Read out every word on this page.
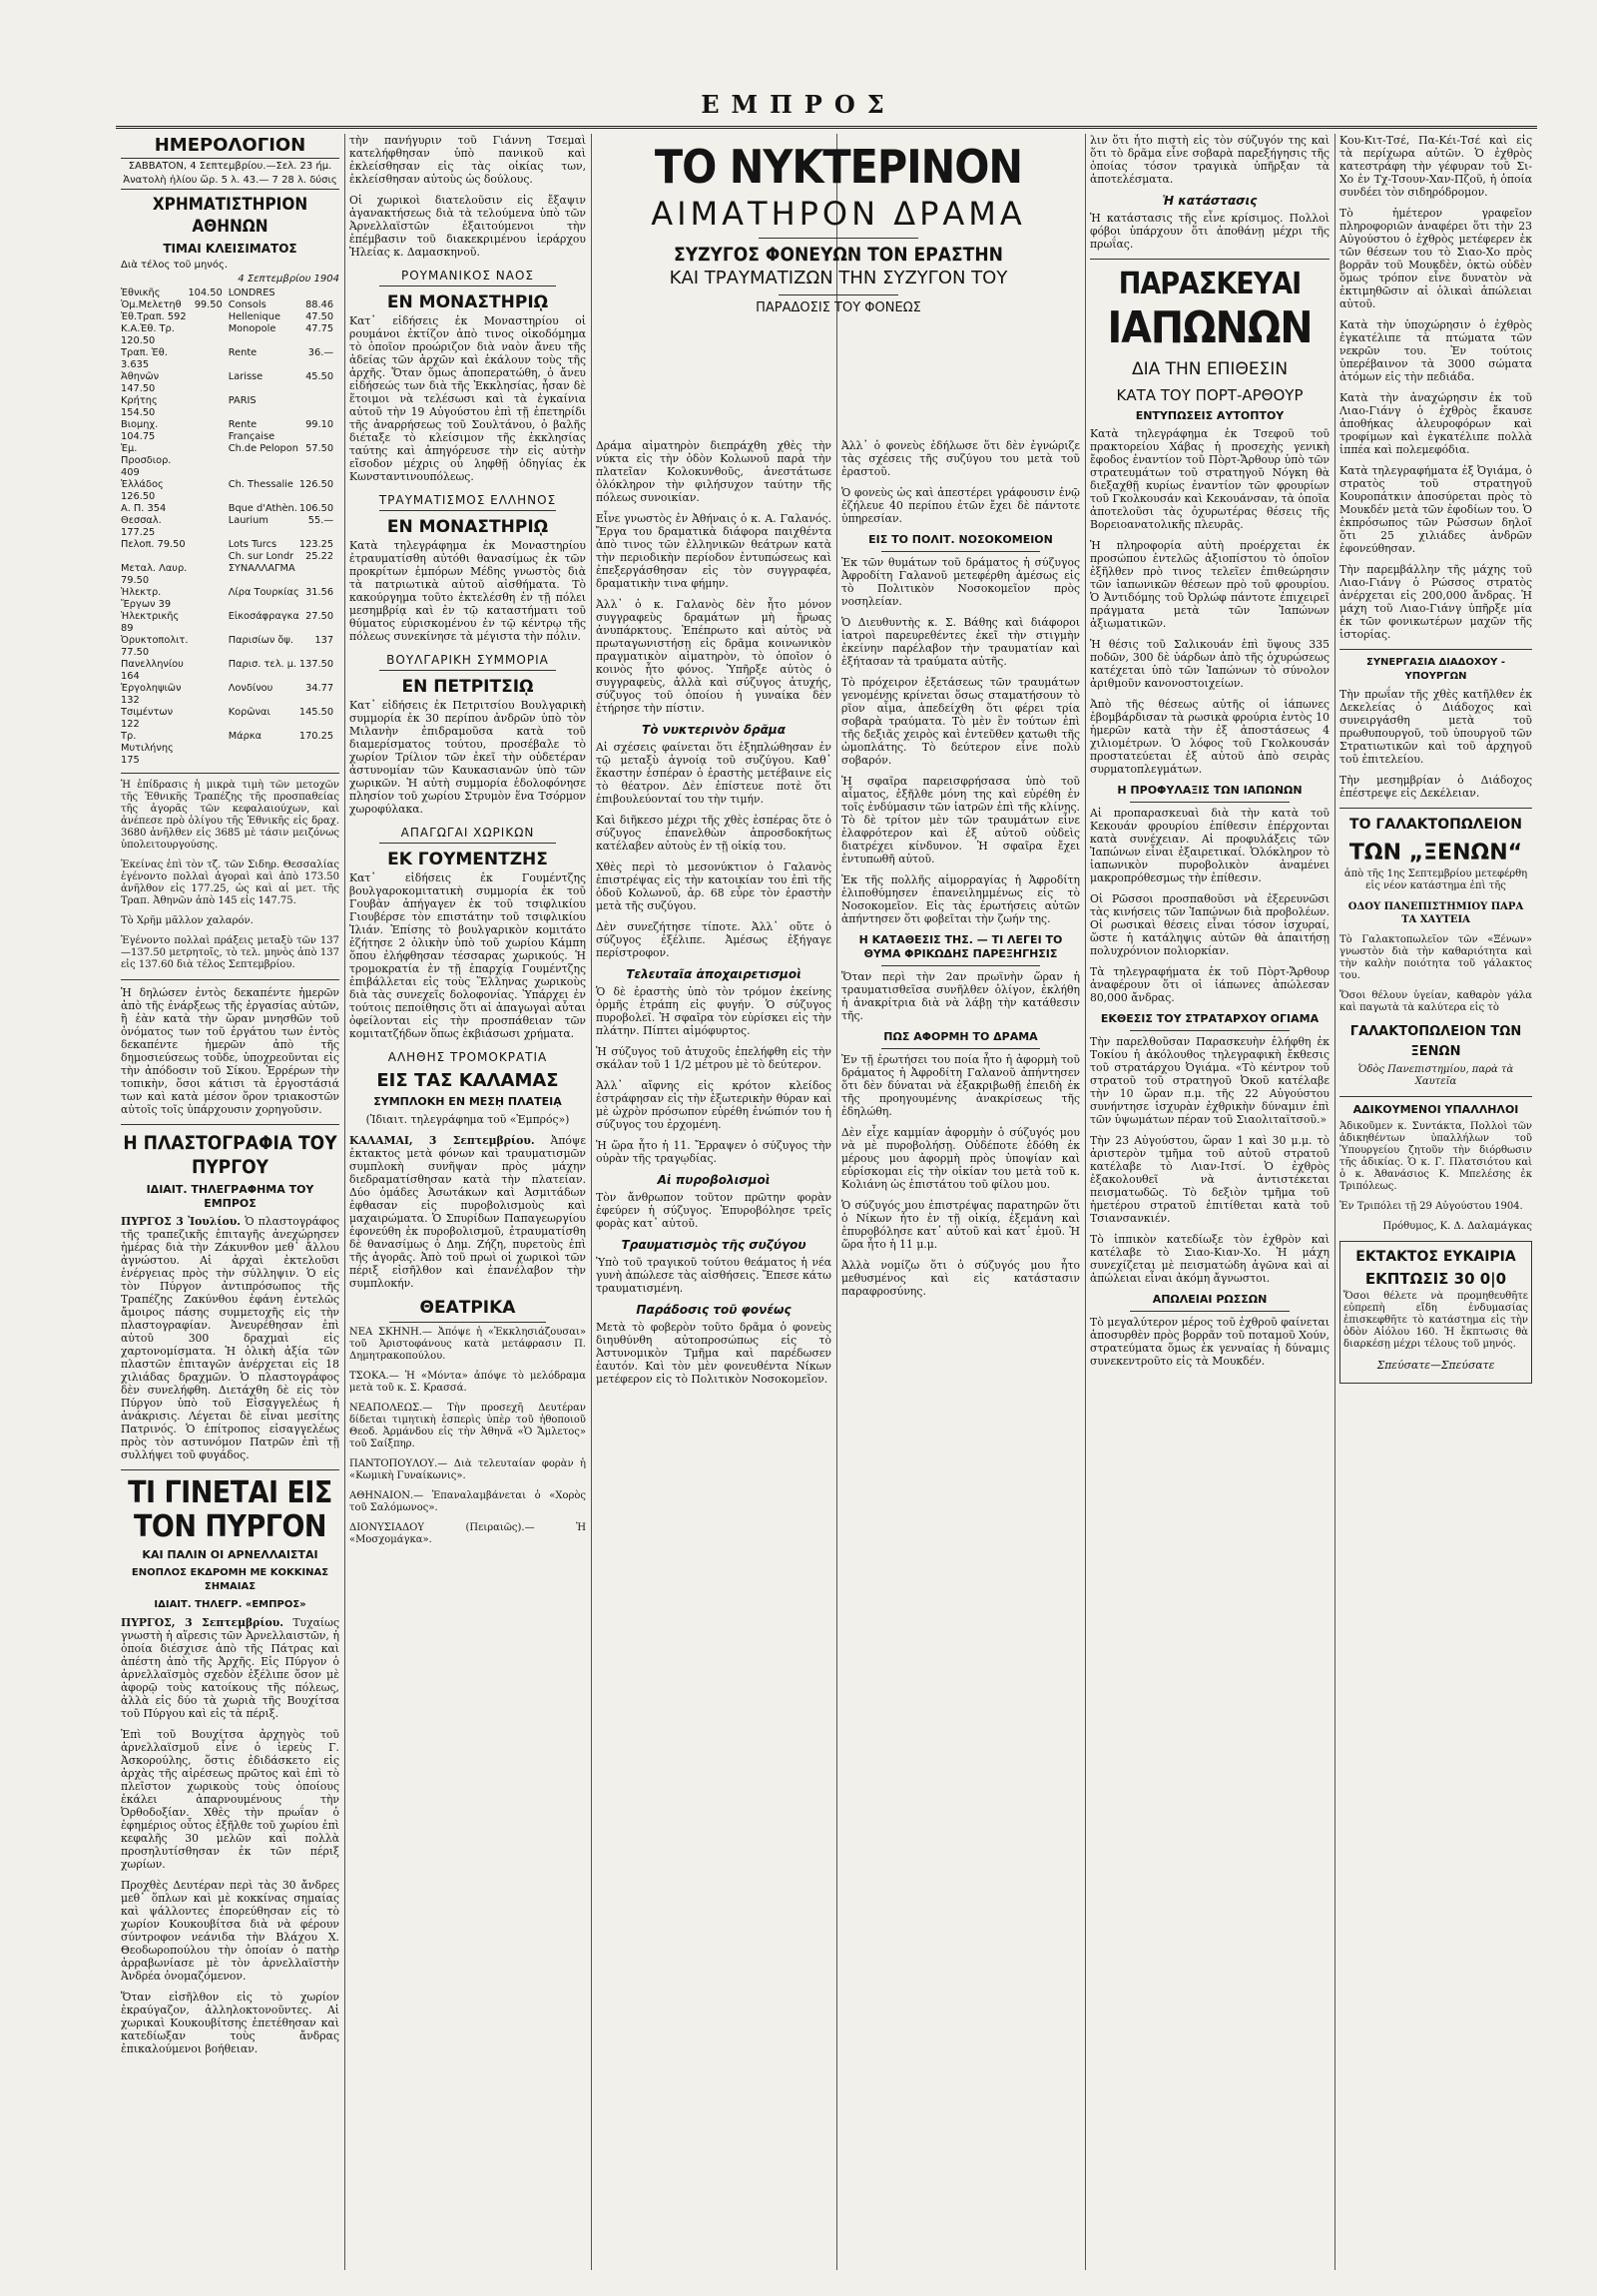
ΕΜΠΡΟΣ
ΗΜΕΡΟΛΟΓΙΟΝ
ΣΑΒΒΑΤΟΝ, 4 Σεπτεμβρίου.—Σελ. 23 ήμ.
Ἀνατολὴ ἡλίου ὥρ. 5 λ. 43.— 7 28 λ. δύσις
ΧΡΗΜΑΤΙΣΤΗΡΙΟΝ ΑΘΗΝΩΝ
ΤΙΜΑΙ ΚΛΕΙΣΙΜΑΤΟΣ
Διὰ τέλος τοῦ μηνός.
4 Σεπτεμβρίου 1904
Ἐθνικῆς	104.50	LONDRES	
Ὁμ.Μελετηθ	99.50	Consols	88.46
Ἐθ.Τραπ. 592		Hellenique	47.50
Κ.Α.Ἐθ. Τρ. 120.50		Monopole	47.75
Τραπ. Ἐθ. 3.635		Rente	36.—
Ἀθηνῶν 147.50		Larisse	45.50
Κρήτης 154.50		PARIS	
Βιομηχ. 104.75		Rente Française	99.10
Ἐμ. Προσδιορ. 409		Ch.de Pelopon	57.50
Ἑλλάδος 126.50		Ch. Thessalie	126.50
Α. Π. 354		Bque d'Athèn.	106.50
Θεσσαλ. 177.25		Laurium	55.—
Πελοπ. 79.50		Lots Turcs	123.25
		Ch. sur Londr	25.22
Μεταλ. Λαυρ. 79.50		ΣΥΝΑΛΛΑΓΜΑ	
Ἠλεκτρ. Ἔργων 39		Λίρα Τουρκίας	31.56
Ἠλεκτρικῆς 89		Εἰκοσάφραγκα	27.50
Ὀρυκτοπολιτ. 77.50		Παρισίων ὄψ.	137
Πανελληνίου 164		Παρισ. τελ. μ.	137.50
Ἐργοληψιῶν 132		Λονδίνου	34.77
Τσιμέντων 122		Κορῶναι	145.50
Τρ. Μυτιλήνης 175		Μάρκα	170.25

Ἡ ἐπίδρασις ἡ μικρὰ τιμὴ τῶν μετοχῶν τῆς Ἐθνικῆς Τραπέζης τῆς προσπαθείας τῆς ἀγορᾶς τῶν κεφαλαιούχων, καὶ ἀνέπεσε πρὸ ὀλίγου τῆς Ἐθνικῆς εἰς δραχ. 3680 ἀνῆλθεν εἰς 3685 μὲ τάσιν μειζόνως ὑπολειτουργούσης.

Ἐκείνας ἐπὶ τὸν τζ. τῶν Σιδηρ. Θεσσαλίας ἐγένοντο πολλαὶ ἀγοραὶ καὶ ἀπὸ 173.50 ἀνῆλθον εἰς 177.25, ὡς καὶ αἱ μετ. τῆς Τραπ. Ἀθηνῶν ἀπὸ 145 εἰς 147.75.

Τὸ Χρῆμ μᾶλλον χαλαρόν.

Ἐγένοντο πολλαὶ πράξεις μεταξὺ τῶν 137—137.50 μετρητοῖς, τὸ τελ. μηνὸς ἀπὸ 137 εἰς 137.60 διὰ τέλος Σεπτεμβρίου.

Ἡ δηλώσεν ἐντὸς δεκαπέντε ἡμερῶν ἀπὸ τῆς ἐνάρξεως τῆς ἐργασίας αὐτῶν, ἢ ἐὰν κατὰ τὴν ὥραν μνησθῶν τοῦ ὀνόματος των τοῦ ἐργάτου των ἐντὸς δεκαπέντε ἡμερῶν ἀπὸ τῆς δημοσιεύσεως τοῦδε, ὑποχρεοῦνται εἰς τὴν ἀπόδοσιν τοῦ Σίκου. Ἐρρέρων τὴν τοπικὴν, ὅσοι κάτισι τὰ ἐργοστάσιά των καὶ κατὰ μέσον ὅρον τριακοστῶν αὐτοῖς τοῖς ὑπάρχουσιν χορηγοῦσιν.

Η ΠΛΑΣΤΟΓΡΑΦΙΑ ΤΟΥ ΠΥΡΓΟΥ
ΙΔΙΑΙΤ. ΤΗΛΕΓΡΑΦΗΜΑ ΤΟΥ ΕΜΠΡΟΣ

ΠΥΡΓΟΣ 3 Ἰουλίου. Ὁ πλαστογράφος τῆς τραπεζικῆς ἐπιταγῆς ἀνεχώρησεν ἡμέρας διὰ τὴν Ζάκυνθον μεθ᾽ ἄλλου ἀγνώστου. Αἱ ἀρχαὶ ἐκτελοῦσι ἐνέργειας πρὸς τὴν σύλληψιν. Ὁ εἰς τὸν Πύργον ἀντιπρόσωπος τῆς Τραπέζης Ζακύνθου ἐφάνη ἐντελῶς ἄμοιρος πάσης συμμετοχῆς εἰς τὴν πλαστογραφίαν. Ἀνευρέθησαν ἐπὶ αὐτοῦ 300 δραχμαὶ εἰς χαρτονομίσματα. Ἡ ὁλικὴ ἀξία τῶν πλαστῶν ἐπιταγῶν ἀνέρχεται εἰς 18 χιλιάδας δραχμῶν. Ὁ πλαστογράφος δὲν συνελήφθη. Διετάχθη δὲ εἰς τὸν Πύργον ὑπὸ τοῦ Εἰσαγγελέως ἡ ἀνάκρισις. Λέγεται δὲ εἶναι μεσίτης Πατρινός. Ὁ ἐπίτροπος εἰσαγγελέως πρὸς τὸν αστυνόμον Πατρῶν ἐπὶ τῇ συλλήψει τοῦ φυγάδος.

ΤΙ ΓΙΝΕΤΑΙ ΕΙΣ ΤΟΝ ΠΥΡΓΟΝ
ΚΑΙ ΠΑΛΙΝ ΟΙ ΑΡΝΕΛΛΑΙΣΤΑΙ
ΕΝΟΠΛΟΣ ΕΚΔΡΟΜΗ ΜΕ ΚΟΚΚΙΝΑΣ ΣΗΜΑΙΑΣ
ΙΔΙΑΙΤ. ΤΗΛΕΓΡ. «ΕΜΠΡΟΣ»

ΠΥΡΓΟΣ, 3 Σεπτεμβρίου. Τυχαίως γνωστὴ ἡ αἵρεσις τῶν Ἀρνελλαιστῶν, ἡ ὁποία διέσχισε ἀπὸ τῆς Πάτρας καὶ ἀπέστη ἀπὸ τῆς Ἀρχῆς. Εἰς Πύργον ὁ ἀρνελλαϊσμὸς σχεδὸν ἐξέλιπε ὅσον μὲ ἀφορῷ τοὺς κατοίκους τῆς πόλεως, ἀλλὰ εἰς δύο τὰ χωριὰ τῆς Βουχίτσα τοῦ Πύργου καὶ εἰς τὰ πέριξ.

Ἐπὶ τοῦ Βουχίτσα ἀρχηγὸς τοῦ ἀρνελλαϊσμοῦ εἶνε ὁ ἱερεὺς Γ. Ἀσκορούλης, ὅστις ἐδιδάσκετο εἰς ἀρχὰς τῆς αἱρέσεως πρῶτος καὶ ἐπὶ τὸ πλεῖστον χωρικοὺς τοὺς ὁποίους ἐκάλει ἀπαρνουμένους τὴν Ὀρθοδοξίαν. Χθὲς τὴν πρωΐαν ὁ ἐφημέριος οὗτος ἐξῆλθε τοῦ χωρίου ἐπὶ κεφαλῆς 30 μελῶν καὶ πολλὰ προσηλυτίσθησαν ἐκ τῶν πέριξ χωρίων.

Προχθὲς Δευτέραν περὶ τὰς 30 ἄνδρες μεθ᾽ ὅπλων καὶ μὲ κοκκίνας σημαίας καὶ ψάλλοντες ἐπορεύθησαν εἰς τὸ χωρίον Κουκουβίτσα διὰ νὰ φέρουν σύντροφον νεάνιδα τὴν Βλάχου Χ. Θεοδωροπούλου τὴν ὁποίαν ὁ πατὴρ ἀρραβωνίασε μὲ τὸν ἀρνελλαϊστὴν Ἀνδρέα ὀνομαζόμενον.

Ὅταν εἰσῆλθον εἰς τὸ χωρίον ἐκραύγαζον, ἀλληλοκτονοῦντες. Αἱ χωρικαὶ Κουκουβίτσης ἐπετέθησαν καὶ κατεδίωξαν τοὺς ἄνδρας ἐπικαλούμενοι βοήθειαν.

τὴν πανήγυριν τοῦ Γιάννη Τσεμαὶ κατελήφθησαν ὑπὸ πανικοῦ καὶ ἐκλείσθησαν εἰς τὰς οἰκίας των, ἐκλείσθησαν αὐτοὺς ὡς δούλους.

Οἱ χωρικοὶ διατελοῦσιν εἰς ἔξαψιν ἀγανακτήσεως διὰ τὰ τελούμενα ὑπὸ τῶν Ἀρνελλαϊστῶν ἐξαιτούμενοι τὴν ἐπέμβασιν τοῦ διακεκριμένου ἱεράρχου Ἠλείας κ. Δαμασκηνοῦ.

ΡΟΥΜΑΝΙΚΟΣ ΝΑΟΣ
ΕΝ ΜΟΝΑΣΤΗΡΙῼ

Κατ᾽ εἰδήσεις ἐκ Μοναστηρίου οἱ ρουμάνοι ἐκτίζον ἀπὸ τινος οἰκοδόμημα τὸ ὁποῖον προώριζον διὰ ναὸν ἄνευ τῆς ἀδείας τῶν ἀρχῶν καὶ ἐκάλουν τοὺς τῆς ἀρχῆς. Ὅταν ὅμως ἀποπερατώθη, ὁ ἄνευ εἰδήσεώς των διὰ τῆς Ἐκκλησίας, ἦσαν δὲ ἕτοιμοι νὰ τελέσωσι καὶ τὰ ἐγκαίνια αὐτοῦ τὴν 19 Αὐγούστου ἐπὶ τῇ ἐπετηρίδι τῆς ἀναρρήσεως τοῦ Σουλτάνου, ὁ βαλῆς διέταξε τὸ κλείσιμον τῆς ἐκκλησίας ταύτης καὶ ἀπηγόρευσε τὴν εἰς αὐτὴν εἴσοδον μέχρις οὗ ληφθῇ ὁδηγίας ἐκ Κωνσταντινουπόλεως.

ΤΡΑΥΜΑΤΙΣΜΟΣ ΕΛΛΗΝΟΣ
ΕΝ ΜΟΝΑΣΤΗΡΙῼ

Κατὰ τηλεγράφημα ἐκ Μοναστηρίου ἐτραυματίσθη αὐτόθι θανασίμως ἐκ τῶν προκρίτων ἐμπόρων Μέδης γνωστὸς διὰ τὰ πατριωτικὰ αὐτοῦ αἰσθήματα. Τὸ κακούργημα τοῦτο ἐκτελέσθη ἐν τῇ πόλει μεσημβρίᾳ καὶ ἐν τῷ καταστήματι τοῦ θύματος εὑρισκομένου ἐν τῷ κέντρῳ τῆς πόλεως συνεκίνησε τὰ μέγιστα τὴν πόλιν.

ΒΟΥΛΓΑΡΙΚΗ ΣΥΜΜΟΡΙΑ
ΕΝ ΠΕΤΡΙΤΣΙῼ

Κατ᾽ εἰδήσεις ἐκ Πετριτσίου Βουλγαρικὴ συμμορία ἐκ 30 περίπου ἀνδρῶν ὑπὸ τὸν Μιλανὴν ἐπιδραμοῦσα κατὰ τοῦ διαμερίσματος τούτου, προσέβαλε τὸ χωρίον Τρίλιον τῶν ἐκεῖ τὴν οὐδετέραν ἀστυνομίαν τῶν Καυκασιανῶν ὑπὸ τῶν χωρικῶν. Ἡ αὐτὴ συμμορία ἐδολοφόνησε πλησίον τοῦ χωρίου Στρυμὸν ἕνα Τσόρμον χωροφύλακα.

ΑΠΑΓΩΓΑΙ ΧΩΡΙΚΩΝ
ΕΚ ΓΟΥΜΕΝΤΖΗΣ

Κατ᾽ εἰδήσεις ἐκ Γουμέντζης βουλγαροκομιτατικὴ συμμορία ἐκ τοῦ Γουβὰν ἀπήγαγεν ἐκ τοῦ τσιφλικίου Γιουβέρσε τὸν επιστάτην τοῦ τσιφλικίου Ἰλιάν. Ἐπίσης τὸ βουλγαρικὸν κομιτάτο ἐζήτησε 2 ὁλικὴν ὑπὸ τοῦ χωρίου Κάμπη ὅπου ἐλήφθησαν τέσσαρας χωρικούς. Ἡ τρομοκρατία ἐν τῇ ἐπαρχίᾳ Γουμέντζης ἐπιβάλλεται εἰς τοὺς Ἕλληνας χωρικοὺς διὰ τὰς συνεχεῖς δολοφονίας. Ὑπάρχει ἐν τούτοις πεποίθησις ὅτι αἱ ἀπαγωγαὶ αὗται ὀφείλονται εἰς τὴν προσπάθειαν τῶν κομιτατζήδων ὅπως ἐκβιάσωσι χρήματα.

ΑΛΗΘΗΣ ΤΡΟΜΟΚΡΑΤΙΑ
ΕΙΣ ΤΑΣ ΚΑΛΑΜΑΣ
ΣΥΜΠΛΟΚΗ ΕΝ ΜΕΣῌ ΠΛΑΤΕΙᾼ

(Ἰδιαιτ. τηλεγράφημα τοῦ «Ἐμπρός»)

ΚΑΛΑΜΑΙ, 3 Σεπτεμβρίου. Ἀπόψε ἐκτακτος μετὰ φόνων καὶ τραυματισμῶν συμπλοκὴ συνῆψαν πρὸς μάχην διεδραματίσθησαν κατὰ τὴν πλατείαν. Δύο ὁμάδες Ἀσωτάκων καὶ Ἀσμιτάδων ἐφθασαν εἰς πυροβολισμοὺς καὶ μαχαιρώματα. Ὁ Σπυρίδων Παπαγεωργίου ἐφονεύθη ἐκ πυροβολισμοῦ, ἐτραυματίσθη δὲ θανασίμως ὁ Δημ. Ζήζη, πυρετοὺς ἐπὶ τῆς ἀγορᾶς. Ἀπὸ τοῦ πρωὶ οἱ χωρικοὶ τῶν πέριξ εἰσῆλθον καὶ ἐπανέλαβον τὴν συμπλοκήν.

ΘΕΑΤΡΙΚΑ

ΝΕΑ ΣΚΗΝΗ.— Ἀπόψε ἡ «Ἐκκλησιάζουσαι» τοῦ Ἀριστοφάνους κατὰ μετάφρασιν Π. Δημητρακοπούλου.

ΤΣΟΚΑ.— Ἡ «Μόντα» ἀπόψε τὸ μελόδραμα μετὰ τοῦ κ. Σ. Κρασσά.

ΝΕΑΠΟΛΕΩΣ.— Τὴν προσεχῆ Δευτέραν δίδεται τιμητικὴ ἑσπερὶς ὑπὲρ τοῦ ἠθοποιοῦ Θεοδ. Ἀρμάνδου εἰς τὴν Ἀθηνᾶ «Ὁ Ἄμλετος» τοῦ Σαίξπηρ.

ΠΑΝΤΟΠΟΥΛΟΥ.— Διὰ τελευταίαν φορὰν ἡ «Κωμικὴ Γυναίκωνις».

ΑΘΗΝΑΙΟΝ.— Ἐπαναλαμβάνεται ὁ «Χορὸς τοῦ Σαλόμωνος».

ΔΙΟΝΥΣΙΑΔΟΥ (Πειραιῶς).— Ἡ «Μοσχομάγκα».

ΤΟ ΝΥΚΤΕΡΙΝΟΝ
ΑΙΜΑΤΗΡΟΝ ΔΡΑΜΑ
ΣΥΖΥΓΟΣ ΦΟΝΕΥΩΝ ΤΟΝ ΕΡΑΣΤΗΝ
ΚΑΙ ΤΡΑΥΜΑΤΙΖΩΝ ΤΗΝ ΣΥΖΥΓΟΝ ΤΟΥ
ΠΑΡΑΔΟΣΙΣ ΤΟΥ ΦΟΝΕΩΣ

Δράμα αἱματηρὸν διεπράχθη χθὲς τὴν νύκτα εἰς τὴν ὁδὸν Κολωνοῦ παρὰ τὴν πλατεῖαν Κολοκυνθοῦς, ἀνεστάτωσε ὁλόκληρον τὴν φιλήσυχον ταύτην τῆς πόλεως συνοικίαν.

Εἶνε γνωστὸς ἐν Ἀθήναις ὁ κ. Α. Γαλανός. Ἔργα του δραματικὰ διάφορα παιχθέντα ἀπὸ τινος τῶν ἑλληνικῶν θεάτρων κατὰ τὴν περιοδικὴν περίοδον ἐντυπώσεως καὶ ἐπεξεργάσθησαν εἰς τὸν συγγραφέα, δραματικὴν τινα φήμην.

Ἀλλ᾽ ὁ κ. Γαλανὸς δὲν ἦτο μόνον συγγραφεὺς δραμάτων μὴ ἥρωας ἀνυπάρκτους. Ἐπέπρωτο καὶ αὐτὸς νὰ πρωταγωνιστήσῃ εἰς δρᾶμα κοινωνικὸν πραγματικὸν αἱματηρὸν, τὸ ὁποῖον ὁ κοινὸς ἦτο φόνος. Ὑπῆρξε αὐτὸς ὁ συγγραφεὺς, ἀλλὰ καὶ σύζυγος ἀτυχής, σύζυγος τοῦ ὁποίου ἡ γυναίκα δὲν ἐτήρησε τὴν πίστιν.

Τὸ νυκτερινὸν δρᾶμα

Αἱ σχέσεις φαίνεται ὅτι ἐξηπλώθησαν ἐν τῷ μεταξὺ ἀγνοίᾳ τοῦ συζύγου. Καθ᾽ ἕκαστην ἑσπέραν ὁ ἐραστὴς μετέβαινε εἰς τὸ θέατρον. Δὲν ἐπίστευε ποτὲ ὅτι ἐπιβουλεύονταί του τὴν τιμήν.

Καὶ διῆκεσο μέχρι τῆς χθὲς ἑσπέρας ὅτε ὁ σύζυγος ἐπανελθὼν ἀπροσδοκήτως κατέλαβεν αὐτοὺς ἐν τῇ οἰκίᾳ του.

Χθὲς περὶ τὸ μεσονύκτιον ὁ Γαλανὸς ἐπιστρέψας εἰς τὴν κατοικίαν του ἐπὶ τῆς ὁδοῦ Κολωνοῦ, ἀρ. 68 εὗρε τὸν ἐραστὴν μετὰ τῆς συζύγου.

Δὲν συνεζήτησε τίποτε. Ἀλλ᾽ οὔτε ὁ σύζυγος ἐξέλιπε. Ἀμέσως ἐξήγαγε περίστροφον.

Τελευταῖα ἀποχαιρετισμοὶ

Ὁ δὲ ἐραστὴς ὑπὸ τὸν τρόμον ἐκείνης ὁρμῆς ἐτράπη εἰς φυγήν. Ὁ σύζυγος πυροβολεῖ. Ἡ σφαῖρα τὸν εὑρίσκει εἰς τὴν πλάτην. Πίπτει αἱμόφυρτος.

Ἡ σύζυγος τοῦ ἀτυχοῦς ἐπελήφθη εἰς τὴν σκάλαν τοῦ 1 1/2 μέτρου μὲ τὸ δεύτερον.

Ἀλλ᾽ αἴφνης εἰς κρότον κλείδος ἐστράφησαν εἰς τὴν ἐξωτερικὴν θύραν καὶ μὲ ὠχρὸν πρόσωπον εὑρέθη ἐνώπιόν του ἡ σύζυγος του ἐρχομένη.

Ἡ ὥρα ἦτο ἡ 11. Ἔρραψεν ὁ σύζυγος τὴν οὐρὰν τῆς τραγῳδίας.

Αἱ πυροβολισμοὶ

Τὸν ἄνθρωπον τοῦτον πρῶτην φορὰν ἐφεύρεν ἡ σύζυγος. Ἐπυροβόλησε τρεῖς φορὰς κατ᾽ αὐτοῦ.

Τραυματισμὸς τῆς συζύγου

Ὑπὸ τοῦ τραγικοῦ τούτου θεάματος ἡ νέα γυνὴ ἀπώλεσε τὰς αἰσθήσεις. Ἔπεσε κάτω τραυματισμένη.

Παράδοσις τοῦ φονέως

Μετὰ τὸ φοβερὸν τοῦτο δρᾶμα ὁ φονεὺς διηυθύνθη αὐτοπροσώπως εἰς τὸ Ἀστυνομικὸν Τμῆμα καὶ παρέδωσεν ἑαυτόν. Καὶ τὸν μὲν φονευθέντα Νίκων μετέφερον εἰς τὸ Πολιτικὸν Νοσοκομεῖον.

Ἀλλ᾽ ὁ φονεὺς ἐδήλωσε ὅτι δὲν ἐγνώριζε τὰς σχέσεις τῆς συζύγου του μετὰ τοῦ ἐραστοῦ.

Ὁ φονεὺς ὡς καὶ ἀπεστέρει γράφουσιν ἐνῷ ἐζήλευε 40 περίπου ἐτῶν ἔχει δὲ πάντοτε ὑπηρεσίαν.

ΕΙΣ ΤΟ ΠΟΛΙΤ. ΝΟΣΟΚΟΜΕΙΟΝ

Ἐκ τῶν θυμάτων τοῦ δράματος ἡ σύζυγος Ἀφροδίτη Γαλανοῦ μετεφέρθη ἀμέσως εἰς τὸ Πολιτικὸν Νοσοκομεῖον πρὸς νοσηλείαν.

Ὁ Διευθυντὴς κ. Σ. Βάθης καὶ διάφοροι ἰατροὶ παρευρεθέντες ἐκεῖ τὴν στιγμὴν ἐκείνην παρέλαβον τὴν τραυματίαν καὶ ἐξήτασαν τὰ τραύματα αὐτῆς.

Τὸ πρόχειρον ἐξετάσεως τῶν τραυμάτων γενομένης κρίνεται ὅσως σταματήσουν τὸ ρῖον αἷμα, ἀπεδείχθη ὅτι φέρει τρία σοβαρὰ τραύματα. Τὸ μὲν ἓν τούτων ἐπὶ τῆς δεξιᾶς χειρὸς καὶ ἐντεῦθεν κατωθι τῆς ὠμοπλάτης. Τὸ δεύτερον εἶνε πολὺ σοβαρόν.

Ἡ σφαῖρα παρεισφρήσασα ὑπὸ τοῦ αἷματος, ἐξῆλθε μόνη της καὶ εὑρέθη ἐν τοῖς ἐνδύμασιν τῶν ἰατρῶν ἐπὶ τῆς κλίνης. Τὸ δὲ τρίτον μὲν τῶν τραυμάτων εἶνε ἐλαφρότερον καὶ ἐξ αὐτοῦ οὐδεὶς διατρέχει κίνδυνον. Ἡ σφαῖρα ἔχει ἐντυπωθῆ αὐτοῦ.

Ἐκ τῆς πολλῆς αἱμορραγίας ἡ Ἀφροδίτη ἐλιποθύμησεν ἐπανειλημμένως εἰς τὸ Νοσοκομεῖον. Εἰς τὰς ἐρωτήσεις αὐτῶν ἀπήντησεν ὅτι φοβεῖται τὴν ζωήν της.

Η ΚΑΤΑΘΕΣΙΣ ΤΗΣ. — ΤΙ ΛΕΓΕΙ ΤΟ ΘΥΜΑ ΦΡΙΚΩΔΗΣ ΠΑΡΕΞΗΓΗΣΙΣ

Ὅταν περὶ τὴν 2αν πρωϊνὴν ὥραν ἡ τραυματισθεῖσα συνῆλθεν ὀλίγον, ἐκλήθη ἡ ἀνακρίτρια διὰ νὰ λάβῃ τὴν κατάθεσιν τῆς.

ΠΩΣ ΑΦΟΡΜΗ ΤΟ ΔΡΑΜΑ

Ἐν τῇ ἐρωτήσει του ποία ἦτο ἡ ἀφορμὴ τοῦ δράματος ἡ Ἀφροδίτη Γαλανοῦ ἀπήντησεν ὅτι δὲν δύναται νὰ ἐξακριβωθῇ ἐπειδὴ ἐκ τῆς προηγουμένης ἀνακρίσεως τῆς ἐδηλώθη.

Δὲν εἶχε καμμίαν ἀφορμὴν ὁ σύζυγός μου νὰ μὲ πυροβολήσῃ. Οὐδέποτε ἐδόθη ἐκ μέρους μου ἀφορμὴ πρὸς ὑποψίαν καὶ εὑρίσκομαι εἰς τὴν οἰκίαν του μετὰ τοῦ κ. Κολιάνη ὡς ἐπιστάτου τοῦ φίλου μου.

Ὁ σύζυγός μου ἐπιστρέψας παρατηρῶν ὅτι ὁ Νίκων ἦτο ἐν τῇ οἰκίᾳ, ἐξεμάνη καὶ ἐπυροβόλησε κατ᾽ αὐτοῦ καὶ κατ᾽ ἐμοῦ. Ἡ ὥρα ἦτο ἡ 11 μ.μ.

Ἀλλὰ νομίζω ὅτι ὁ σύζυγός μου ἦτο μεθυσμένος καὶ εἰς κατάστασιν παραφροσύνης.

λιν ὅτι ἦτο πιστὴ εἰς τὸν σύζυγόν της καὶ ὅτι τὸ δρᾶμα εἶνε σοβαρὰ παρεξήγησις τῆς ὁποίας τόσον τραγικὰ ὑπῆρξαν τὰ ἀποτελέσματα.

Ἡ κατάστασις

Ἡ κατάστασις τῆς εἶνε κρίσιμος. Πολλοὶ φόβοι ὑπάρχουν ὅτι ἀποθάνῃ μέχρι τῆς πρωΐας.

ΠΑΡΑΣΚΕΥΑΙ
ΙΑΠΩΝΩΝ
ΔΙΑ ΤΗΝ ΕΠΙΘΕΣΙΝ
ΚΑΤΑ ΤΟΥ ΠΟΡΤ-ΑΡΘΟΥΡ
ΕΝΤΥΠΩΣΕΙΣ ΑΥΤΟΠΤΟΥ

Κατὰ τηλεγράφημα ἐκ Τσεφοῦ τοῦ πρακτορείου Χάβας ἡ προσεχὴς γενικὴ ἔφοδος ἐναντίον τοῦ Πὸρτ-Ἄρθουρ ὑπὸ τῶν στρατευμάτων τοῦ στρατηγοῦ Νόγκη θὰ διεξαχθῇ κυρίως ἐναντίον τῶν φρουρίων τοῦ Γκολκουσάν καὶ Κεκουάνσαν, τὰ ὁποῖα ἀποτελοῦσι τὰς ὀχυρωτέρας θέσεις τῆς Βορειοανατολικῆς πλευρᾶς.

Ἡ πληροφορία αὐτὴ προέρχεται ἐκ προσώπου ἐντελῶς ἀξιοπίστου τὸ ὁποῖον ἐξῆλθεν πρὸ τινος τελεῖεν ἐπιθεώρησιν τῶν ἰαπωνικῶν θέσεων πρὸ τοῦ φρουρίου. Ὁ Ἀντιδόμης τοῦ Ὀρλώφ πάντοτε ἐπιχειρεῖ πράγματα μετὰ τῶν Ἰαπώνων ἀξιωματικῶν.

Ἡ θέσις τοῦ Σαλικουάν ἐπὶ ὕψους 335 ποδῶν, 300 δὲ ὑάρδων ἀπὸ τῆς ὀχυρώσεως κατέχεται ὑπὸ τῶν Ἰαπώνων τὸ σύνολον ἀριθμοῦν κανονοστοιχείων.

Ἀπὸ τῆς θέσεως αὐτῆς οἱ ἰάπωνες ἐβομβάρδισαν τὰ ρωσικὰ φρούρια ἐντὸς 10 ἡμερῶν κατὰ τὴν ἐξ ἀποστάσεως 4 χιλιομέτρων. Ὁ λόφος τοῦ Γκολκουσάν προστατεύεται ἐξ αὐτοῦ ἀπὸ σειρὰς συρματοπλεγμάτων.

Η ΠΡΟΦΥΛΑΞΙΣ ΤΩΝ ΙΑΠΩΝΩΝ

Αἱ προπαρασκευαὶ διὰ τὴν κατὰ τοῦ Κεκουάν φρουρίου ἐπίθεσιν ἐπέρχονται κατὰ συνέχειαν. Αἱ προφυλάξεις τῶν Ἰαπώνων εἶναι ἐξαιρετικαί. Ὁλόκληρον τὸ ἰαπωνικὸν πυροβολικὸν ἀναμένει μακροπρόθεσμως τὴν ἐπίθεσιν.

Οἱ Ρῶσσοι προσπαθοῦσι νὰ ἐξερευνῶσι τὰς κινήσεις τῶν Ἰαπώνων διὰ προβολέων. Οἱ ρωσικαὶ θέσεις εἶναι τόσον ἰσχυραί, ὥστε ἡ κατάληψις αὐτῶν θὰ ἀπαιτήσῃ πολυχρόνιον πολιορκίαν.

Τὰ τηλεγραφήματα ἐκ τοῦ Πὸρτ-Ἄρθουρ ἀναφέρουν ὅτι οἱ ἰάπωνες ἀπώλεσαν 80,000 ἄνδρας.

ΕΚΘΕΣΙΣ ΤΟΥ ΣΤΡΑΤΑΡΧΟΥ ΟΓΙΑΜΑ

Τὴν παρελθοῦσαν Παρασκευὴν ἐλήφθη ἐκ Τοκίου ἡ ἀκόλουθος τηλεγραφικὴ ἔκθεσις τοῦ στρατάρχου Ὀγιάμα. «Τὸ κέντρον τοῦ στρατοῦ τοῦ στρατηγοῦ Ὀκοῦ κατέλαβε τὴν 10 ὥραν π.μ. τῆς 22 Αὐγούστου συνήντησε ἰσχυρὰν ἐχθρικὴν δύναμιν ἐπὶ τῶν ὑψωμάτων πέραν τοῦ Σιαολιταϊτσοῦ.»

Τὴν 23 Αὐγούστου, ὥραν 1 καὶ 30 μ.μ. τὸ ἀριστερὸν τμῆμα τοῦ αὐτοῦ στρατοῦ κατέλαβε τὸ Λιαν-Ιτσί. Ὁ ἐχθρὸς ἐξακολουθεῖ νὰ ἀντιστέκεται πεισματωδῶς. Τὸ δεξιὸν τμῆμα τοῦ ἡμετέρου στρατοῦ ἐπιτίθεται κατὰ τοῦ Τσιανσανκιέν.

Τὸ ἰππικὸν κατεδίωξε τὸν ἐχθρὸν καὶ κατέλαβε τὸ Σιαο-Κιαν-Χο. Ἡ μάχη συνεχίζεται μὲ πεισματώδη ἀγῶνα καὶ αἱ ἀπώλειαι εἶναι ἀκόμη ἄγνωστοι.

ΑΠΩΛΕΙΑΙ ΡΩΣΣΩΝ

Τὸ μεγαλύτερον μέρος τοῦ ἐχθροῦ φαίνεται ἀποσυρθὲν πρὸς βορρᾶν τοῦ ποταμοῦ Χούν, στρατεύματα ὅμως ἐκ γενναίας ἡ δύναμις συνεκεντροῦτο εἰς τὰ Μουκδέν.

Κου-Κιτ-Τσέ, Πα-Κέι-Τσέ καὶ εἰς τὰ περίχωρα αὐτῶν. Ὁ ἐχθρὸς κατεστράφη τὴν γέφυραν τοῦ Σι-Χο ἐν Τχ-Τσουν-Χαν-Πζοῦ, ἡ ὁποία συνδέει τὸν σιδηρόδρομον.

Τὸ ἡμέτερον γραφεῖον πληροφοριῶν ἀναφέρει ὅτι τὴν 23 Αὐγούστου ὁ ἐχθρὸς μετέφερεν ἐκ τῶν θέσεων του τὸ Σιαο-Χο πρὸς βορρᾶν τοῦ Μουκδὲν, ὀκτὼ οὐδὲν ὅμως τρόπον εἶνε δυνατὸν νὰ ἐκτιμηθῶσιν αἱ ὁλικαὶ ἀπώλειαι αὐτοῦ.

Κατὰ τὴν ὑποχώρησιν ὁ ἐχθρὸς ἐγκατέλιπε τὰ πτώματα τῶν νεκρῶν του. Ἐν τούτοις ὑπερέβαινον τὰ 3000 σώματα ἀτόμων εἰς τὴν πεδιάδα.

Κατὰ τὴν ἀναχώρησιν ἐκ τοῦ Λιαο-Γιάνγ ὁ ἐχθρὸς ἔκαυσε ἀποθήκας ἀλευροφόρων καὶ τροφίμων καὶ ἐγκατέλιπε πολλὰ ἰππέα καὶ πολεμεφόδια.

Κατὰ τηλεγραφήματα ἐξ Ὀγιάμα, ὁ στρατὸς τοῦ στρατηγοῦ Κουροπάτκιν ἀποσύρεται πρὸς τὸ Μουκδέν μετὰ τῶν ἐφοδίων του. Ὁ ἐκπρόσωπος τῶν Ρώσσων δηλοῖ ὅτι 25 χιλιάδες ἀνδρῶν ἐφονεύθησαν.

Τὴν παρεμβάλλην τῆς μάχης τοῦ Λιαο-Γιάνγ ὁ Ρώσσος στρατὸς ἀνέρχεται εἰς 200,000 ἄνδρας. Ἡ μάχη τοῦ Λιαο-Γιάνγ ὑπῆρξε μία ἐκ τῶν φονικωτέρων μαχῶν τῆς ἱστορίας.

ΣΥΝΕΡΓΑΣΙΑ ΔΙΑΔΟΧΟΥ - ΥΠΟΥΡΓΩΝ

Τὴν πρωΐαν τῆς χθὲς κατῆλθεν ἐκ Δεκελείας ὁ Διάδοχος καὶ συνειργάσθη μετὰ τοῦ πρωθυπουργοῦ, τοῦ ὑπουργοῦ τῶν Στρατιωτικῶν καὶ τοῦ ἀρχηγοῦ τοῦ ἐπιτελείου.

Τὴν μεσημβρίαν ὁ Διάδοχος ἐπέστρεψε εἰς Δεκέλειαν.

ΤΟ ΓΑΛΑΚΤΟΠΩΛΕΙΟΝ
ΤΩΝ „ΞΕΝΩΝ“

ἀπὸ τῆς 1ης Σεπτεμβρίου μετεφέρθη εἰς νέον κατάστημα ἐπὶ τῆς

ΟΔΟΥ ΠΑΝΕΠΙΣΤΗΜΙΟΥ ΠΑΡΑ ΤΑ ΧΑΥΤΕΙΑ

Τὸ Γαλακτοπωλεῖον τῶν «Ξένων» γνωστὸν διὰ τὴν καθαριότητα καὶ τὴν καλὴν ποιότητα τοῦ γάλακτος του.

Ὅσοι θέλουν ὑγείαν, καθαρὸν γάλα καὶ παγωτὰ τὰ καλύτερα εἰς τὸ

ΓΑΛΑΚΤΟΠΩΛΕΙΟΝ ΤΩΝ ΞΕΝΩΝ

Ὁδὸς Πανεπιστημίου, παρὰ τὰ Χαυτεῖα

ΑΔΙΚΟΥΜΕΝΟΙ ΥΠΑΛΛΗΛΟΙ

Ἀδικοῦμεν κ. Συντάκτα, Πολλοὶ τῶν ἀδικηθέντων ὑπαλλήλων τοῦ Ὑπουργείου ζητοῦν τὴν διόρθωσιν τῆς ἀδικίας. Ὁ κ. Γ. Πλατσιότου καὶ ὁ κ. Ἀθανάσιος Κ. Μπελέσης ἐκ Τριπόλεως.

Ἐν Τριπόλει τῇ 29 Αὐγούστου 1904.

Πρόθυμος, Κ. Δ. Δαλαμάγκας

ΕΚΤΑΚΤΟΣ ΕΥΚΑΙΡΙΑ
ΕΚΠΤΩΣΙΣ 30 0|0

Ὅσοι θέλετε νὰ προμηθευθῆτε εὐπρεπὴ εἴδη ἐνδυμασίας ἐπισκεφθῆτε τὸ κατάστημα εἰς τὴν ὁδὸν Αἰόλου 160. Ἡ ἔκπτωσις θὰ διαρκέσῃ μέχρι τέλους τοῦ μηνός.

Σπεύσατε—Σπεύσατε
